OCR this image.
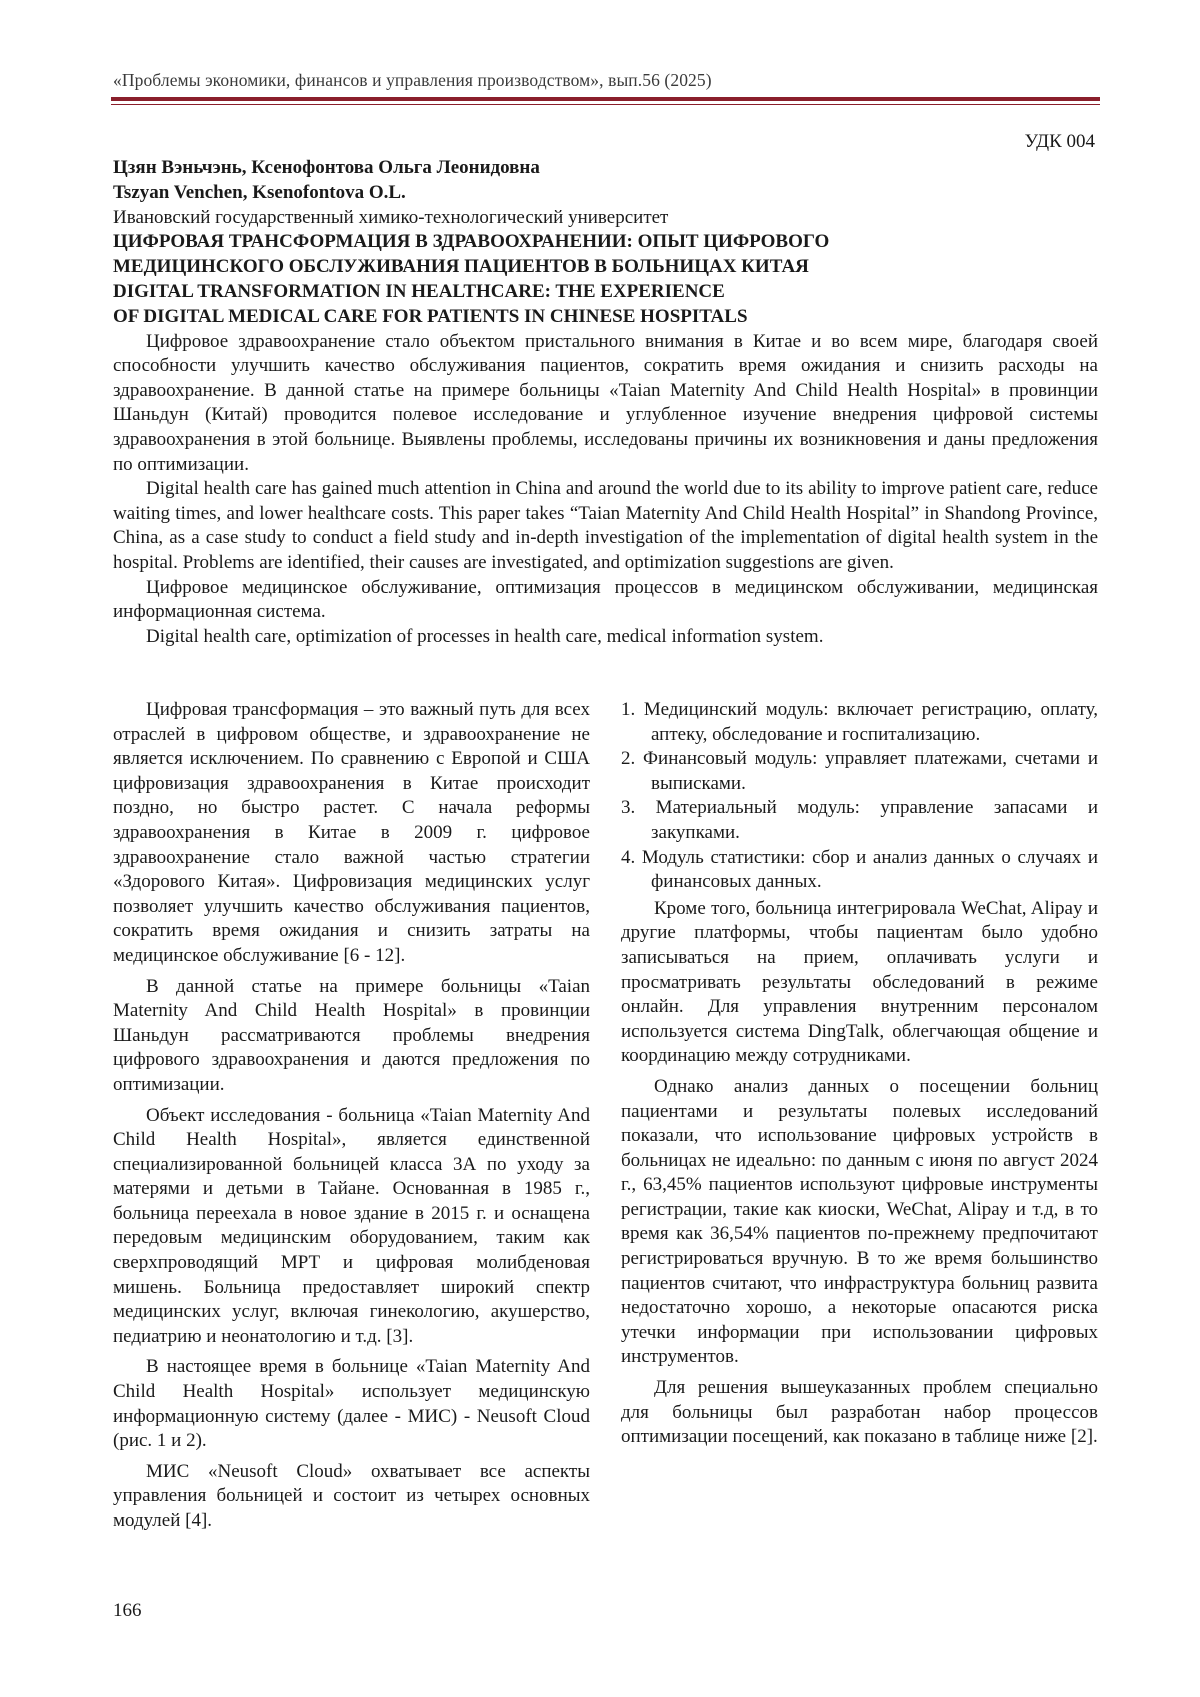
«Проблемы экономики, финансов и управления производством», вып.56 (2025)
УДК 004
Цзян Вэньчэнь, Ксенофонтова Ольга Леонидовна
Tszyan Venchen, Ksenofontova O.L.
Ивановский государственный химико-технологический университет
ЦИФРОВАЯ ТРАНСФОРМАЦИЯ В ЗДРАВООХРАНЕНИИ: ОПЫТ ЦИФРОВОГО
МЕДИЦИНСКОГО ОБСЛУЖИВАНИЯ ПАЦИЕНТОВ В БОЛЬНИЦАХ КИТАЯ
DIGITAL TRANSFORMATION IN HEALTHCARE: THE EXPERIENCE
OF DIGITAL MEDICAL CARE FOR PATIENTS IN CHINESE HOSPITALS

Цифровое здравоохранение стало объектом пристального внимания в Китае и во всем мире, благодаря своей способности улучшить качество обслуживания пациентов, сократить время ожидания и снизить расходы на здравоохранение. В данной статье на примере больницы «Taian Maternity And Child Health Hospital» в провинции Шаньдун (Китай) проводится полевое исследование и углубленное изучение внедрения цифровой системы здравоохранения в этой больнице. Выявлены проблемы, исследованы причины их возникновения и даны предложения по оптимизации.

Digital health care has gained much attention in China and around the world due to its ability to improve patient care, reduce waiting times, and lower healthcare costs. This paper takes “Taian Maternity And Child Health Hospital” in Shandong Province, China, as a case study to conduct a field study and in-depth investigation of the implementation of digital health system in the hospital. Problems are identified, their causes are investigated, and optimization suggestions are given.

Цифровое медицинское обслуживание, оптимизация процессов в медицинском обслуживании, медицинская информационная система.

Digital health care, optimization of processes in health care, medical information system.

Цифровая трансформация – это важный путь для всех отраслей в цифровом обществе, и здравоохранение не является исключением. По сравнению с Европой и США цифровизация здравоохранения в Китае происходит поздно, но быстро растет. С начала реформы здравоохранения в Китае в 2009 г. цифровое здравоохранение стало важной частью стратегии «Здорового Китая». Цифровизация медицинских услуг позволяет улучшить качество обслуживания пациентов, сократить время ожидания и снизить затраты на медицинское обслуживание [6 - 12].

В данной статье на примере больницы «Taian Maternity And Child Health Hospital» в провинции Шаньдун рассматриваются проблемы внедрения цифрового здравоохранения и даются предложения по оптимизации.

Объект исследования - больница «Taian Maternity And Child Health Hospital», является единственной специализированной больницей класса 3А по уходу за матерями и детьми в Тайане. Основанная в 1985 г., больница переехала в новое здание в 2015 г. и оснащена передовым медицинским оборудованием, таким как сверхпроводящий МРТ и цифровая молибденовая мишень. Больница предоставляет широкий спектр медицинских услуг, включая гинекологию, акушерство, педиатрию и неонатологию и т.д. [3].

В настоящее время в больнице «Taian Maternity And Child Health Hospital» использует медицинскую информационную систему (далее - МИС) - Neusoft Cloud (рис. 1 и 2).

МИС «Neusoft Cloud» охватывает все аспекты управления больницей и состоит из четырех основных модулей [4].

1. Медицинский модуль: включает регистрацию, оплату, аптеку, обследование и госпитализацию.
2. Финансовый модуль: управляет платежами, счетами и выписками.
3. Материальный модуль: управление запасами и закупками.
4. Модуль статистики: сбор и анализ данных о случаях и финансовых данных.

Кроме того, больница интегрировала WeChat, Alipay и другие платформы, чтобы пациентам было удобно записываться на прием, оплачивать услуги и просматривать результаты обследований в режиме онлайн. Для управления внутренним персоналом используется система DingTalk, облегчающая общение и координацию между сотрудниками.

Однако анализ данных о посещении больниц пациентами и результаты полевых исследований показали, что использование цифровых устройств в больницах не идеально: по данным с июня по август 2024 г., 63,45% пациентов используют цифровые инструменты регистрации, такие как киоски, WeChat, Alipay и т.д, в то время как 36,54% пациентов по-прежнему предпочитают регистрироваться вручную. В то же время большинство пациентов считают, что инфраструктура больниц развита недостаточно хорошо, а некоторые опасаются риска утечки информации при использовании цифровых инструментов.

Для решения вышеуказанных проблем специально для больницы был разработан набор процессов оптимизации посещений, как показано в таблице ниже [2].

166
